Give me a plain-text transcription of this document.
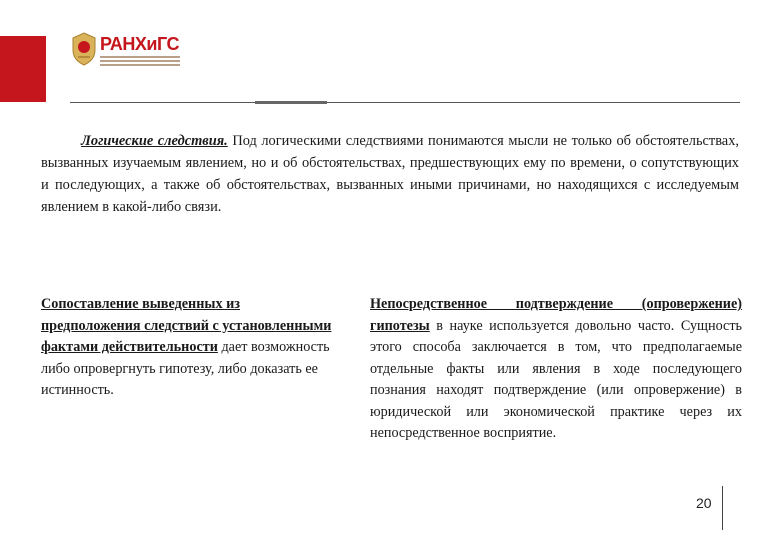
РАНХиГС

Логические следствия. Под логическими следствиями понимаются мысли не только об обстоятельствах, вызванных изучаемым явлением, но и об обстоятельствах, предшествующих ему по времени, о сопутствующих и последующих, а также об обстоятельствах, вызванных иными причинами, но находящихся с исследуемым явлением в какой-либо связи.

Сопоставление выведенных из предположения следствий с установленными фактами действительности дает возможность либо опровергнуть гипотезу, либо доказать ее истинность.

Непосредственное подтверждение (опровержение) гипотезы в науке используется довольно часто. Сущность этого способа заключается в том, что предполагаемые отдельные факты или явления в ходе последующего познания находят подтверждение (или опровержение) в юридической или экономической практике через их непосредственное восприятие.

20
